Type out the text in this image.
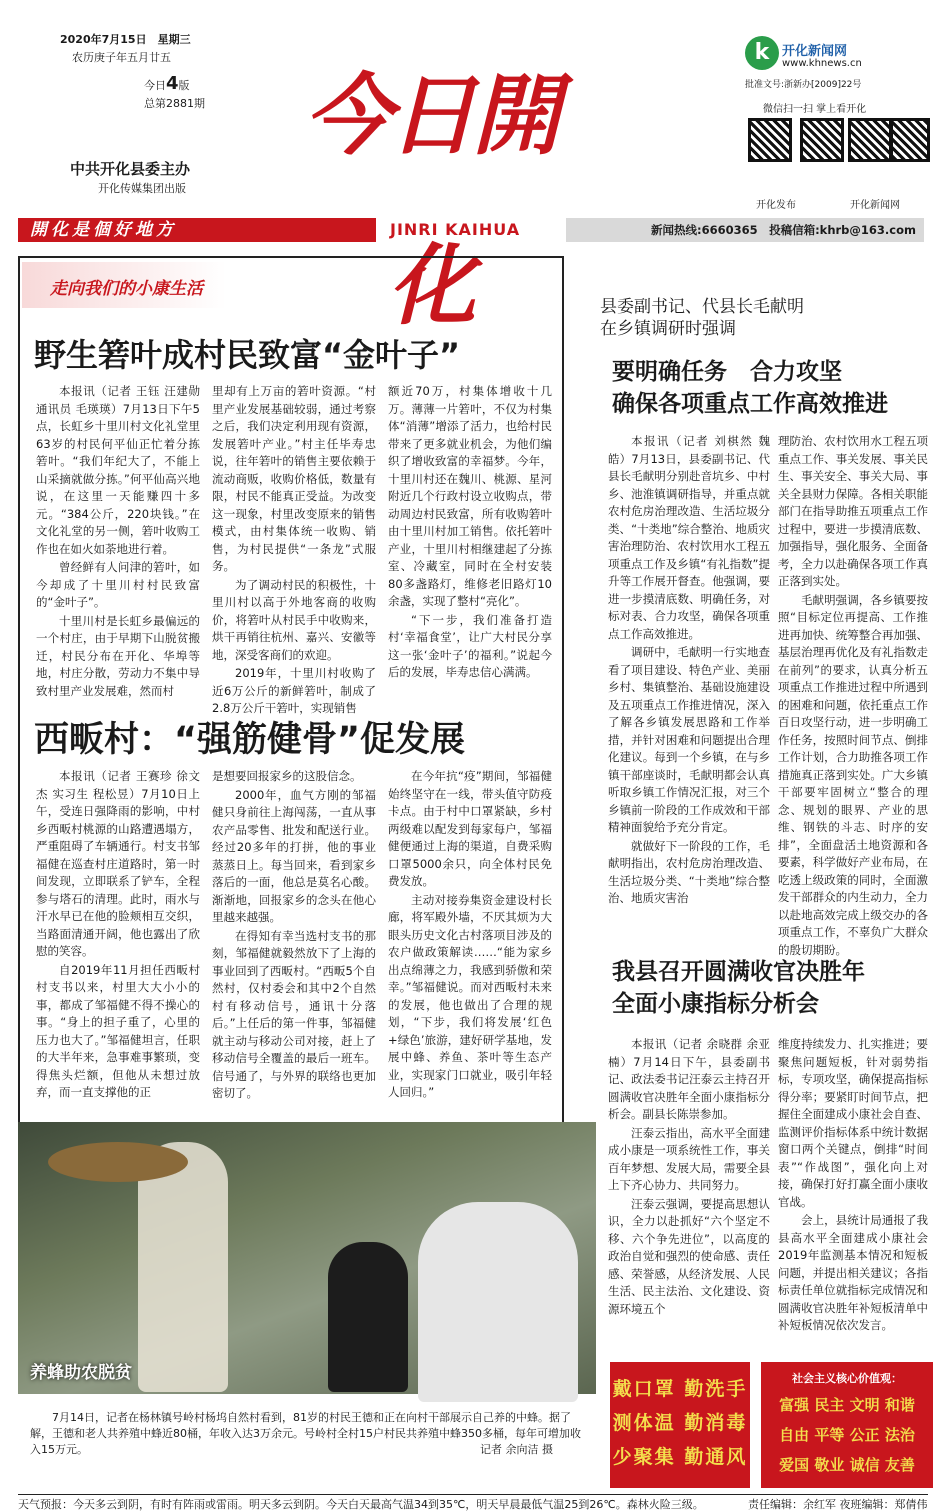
2020年7月15日　星期三
农历庚子年五月廿五
今日4版
总第2881期
中共开化县委主办
开化传媒集团出版
今日開化
k 开化新闻网
www.khnews.cn
批准文号:浙新办[2009]22号
微信扫一扫 掌上看开化
开化发布	开化新闻网
開化是個好地方	JINRI KAIHUA	新闻热线:6660365　投稿信箱:khrb@163.com
走向我们的小康生活
野生箬叶成村民致富“金叶子”

本报讯（记者 王钰 汪建勋 通讯员 毛瑛瑛）7月13日下午5点，长虹乡十里川村文化礼堂里63岁的村民何平仙正忙着分拣箬叶。“我们年纪大了，不能上山采摘就做分拣。”何平仙高兴地说，在这里一天能赚四十多元。“384公斤，220块钱。”在文化礼堂的另一侧，箬叶收购工作也在如火如荼地进行着。

曾经鲜有人问津的箬叶，如今却成了十里川村村民致富的“金叶子”。

十里川村是长虹乡最偏远的一个村庄，由于早期下山脱贫搬迁，村民分布在开化、华埠等地，村庄分散，劳动力不集中导致村里产业发展难，然而村

里却有上万亩的箬叶资源。“村里产业发展基础较弱，通过考察之后，我们决定利用现有资源，发展箬叶产业。”村主任毕寿忠说，往年箬叶的销售主要依赖于流动商贩，收购价格低，数量有限，村民不能真正受益。为改变这一现象，村里改变原来的销售模式，由村集体统一收购、销售，为村民提供“一条龙”式服务。

为了调动村民的积极性，十里川村以高于外地客商的收购价，将箬叶从村民手中收购来，烘干再销往杭州、嘉兴、安徽等地，深受客商们的欢迎。

2019年，十里川村收购了近6万公斤的新鲜箬叶，制成了2.8万公斤干箬叶，实现销售

额近70万，村集体增收十几万。薄薄一片箬叶，不仅为村集体“消薄”增添了活力，也给村民带来了更多就业机会，为他们编织了增收致富的幸福梦。今年，十里川村还在魏川、桃源、星河附近几个行政村设立收购点，带动周边村民致富，所有收购箬叶由十里川村加工销售。依托箬叶产业，十里川村相继建起了分拣室、冷藏室，同时在全村安装80多盏路灯，维修老旧路灯10余盏，实现了整村“亮化”。

“下一步，我们准备打造村‘幸福食堂’，让广大村民分享这一张‘金叶子’的福利。”说起今后的发展，毕寿忠信心满满。

西畈村：“强筋健骨”促发展

本报讯（记者 王赛珍 徐文杰 实习生 程松昱）7月10日上午，受连日强降雨的影响，中村乡西畈村桃源的山路遭遇塌方，严重阻碍了车辆通行。村支书邹福健在巡查村庄道路时，第一时间发现，立即联系了铲车，全程参与塔石的清理。此时，雨水与汗水早已在他的脸颊相互交织，当路面清通开阔，他也露出了欣慰的笑容。

自2019年11月担任西畈村村支书以来，村里大大小小的事，都成了邹福健不得不操心的事。“身上的担子重了，心里的压力也大了。”邹福健坦言，任职的大半年来，急事难事繁琐，变得焦头烂额，但他从未想过放弃，而一直支撑他的正

是想要回报家乡的这股信念。

2000年，血气方刚的邹福健只身前往上海闯荡，一直从事农产品零售、批发和配送行业。经过20多年的打拼，他的事业蒸蒸日上。每当回来，看到家乡落后的一面，他总是莫名心酸。渐渐地，回报家乡的念头在他心里越来越强。

在得知有幸当选村支书的那刻，邹福健就毅然放下了上海的事业回到了西畈村。“西畈5个自然村，仅村委会和其中2个自然村有移动信号，通讯十分落后。”上任后的第一件事，邹福健就主动与移动公司对接，赶上了移动信号全覆盖的最后一班车。信号通了，与外界的联络也更加密切了。

在今年抗“疫”期间，邹福健始终坚守在一线，带头值守防疫卡点。由于村中口罩紧缺，乡村两级难以配发到每家每户，邹福健便通过上海的渠道，自费采购口罩5000余只，向全体村民免费发放。

主动对接券集资金建设村长廊，将军殿外墙，不厌其烦为大眼头历史文化古村落项目涉及的农户做政策解读……“能为家乡出点绵薄之力，我感到骄傲和荣幸。”邹福健说。而对西畈村未来的发展，他也做出了合理的规划，“下步，我们将发展‘红色+绿色’旅游，建好研学基地，发展中蜂、养鱼、茶叶等生态产业，实现家门口就业，吸引年轻人回归。”

养蜂助农脱贫
7月14日，记者在杨林镇号岭村杨坞自然村看到，81岁的村民王德和正在向村干部展示自己养的中蜂。据了解，王德和老人共养殖中蜂近80桶，年收入达3万余元。号岭村全村15户村民共养殖中蜂350多桶，每年可增加收入15万元。	记者 余向洁 摄
县委副书记、代县长毛献明
在乡镇调研时强调
要明确任务　合力攻坚
确保各项重点工作高效推进

本报讯（记者 刘棋然 魏皓）7月13日，县委副书记、代县长毛献明分别赴音坑乡、中村乡、池淮镇调研指导，并重点就农村危房治理改造、生活垃圾分类、“十类地”综合整治、地质灾害治理防治、农村饮用水工程五项重点工作及乡镇“有礼指数”提升等工作展开督查。他强调，要进一步摸清底数、明确任务，对标对表、合力攻坚，确保各项重点工作高效推进。

调研中，毛献明一行实地查看了项目建设、特色产业、美丽乡村、集镇整治、基础设施建设及五项重点工作推进情况，深入了解各乡镇发展思路和工作举措，并针对困难和问题提出合理化建议。每到一个乡镇，在与乡镇干部座谈时，毛献明都会认真听取乡镇工作情况汇报，对三个乡镇前一阶段的工作成效和干部精神面貌给予充分肯定。

就做好下一阶段的工作，毛献明指出，农村危房治理改造、生活垃圾分类、“十类地”综合整治、地质灾害治

理防治、农村饮用水工程五项重点工作、事关发展、事关民生、事关安全、事关大局、事关全县财力保障。各相关职能部门在指导助推五项重点工作过程中，要进一步摸清底数、加强指导，强化服务、全面备考，全力以赴确保各项工作真正落到实处。

毛献明强调，各乡镇要按照“目标定位再提高、工作推进再加快、统筹整合再加强、基层治理再优化及有礼指数走在前列”的要求，认真分析五项重点工作推进过程中所遇到的困难和问题，依托重点工作百日攻坚行动，进一步明确工作任务，按照时间节点、倒排工作计划，合力助推各项工作措施真正落到实处。广大乡镇干部要牢固树立“整合的理念、规划的眼界、产业的思维、钢铁的斗志、时序的安排”，全面盘活土地资源和各要素，科学做好产业布局，在吃透上级政策的同时，全面激发干部群众的内生动力，全力以赴地高效完成上级交办的各项重点工作，不辜负广大群众的殷切期盼。

我县召开圆满收官决胜年
全面小康指标分析会

本报讯（记者 余晓群 余亚楠）7月14日下午，县委副书记、政法委书记汪泰云主持召开圆满收官决胜年全面小康指标分析会。副县长陈崇参加。

汪泰云指出，高水平全面建成小康是一项系统性工作，事关百年梦想、发展大局，需要全县上下齐心协力、共同努力。

汪泰云强调，要提高思想认识，全力以赴抓好“六个坚定不移、六个争先进位”，以高度的政治自觉和强烈的使命感、责任感、荣誉感，从经济发展、人民生活、民主法治、文化建设、资源环境五个

维度持续发力、扎实推进；要聚焦问题短板，针对弱势指标，专项攻坚，确保提高指标得分率；要紧盯时间节点，把握住全面建成小康社会自查、监测评价指标体系中统计数据窗口两个关键点，倒排“时间表”“作战图”，强化向上对接，确保打好打赢全面小康收官战。

会上，县统计局通报了我县高水平全面建成小康社会2019年监测基本情况和短板问题，并提出相关建议；各指标责任单位就指标完成情况和圆满收官决胜年补短板清单中补短板情况依次发言。

戴口罩 勤洗手
测体温 勤消毒
少聚集 勤通风
社会主义核心价值观：
富强 民主 文明 和谐
自由 平等 公正 法治
爱国 敬业 诚信 友善
天气预报：今天多云到阴，有时有阵雨或雷雨。明天多云到阴。今天白天最高气温34到35℃，明天早晨最低气温25到26℃。森林火险三级。	责任编辑：余红军 夜班编辑：郑倩伟
